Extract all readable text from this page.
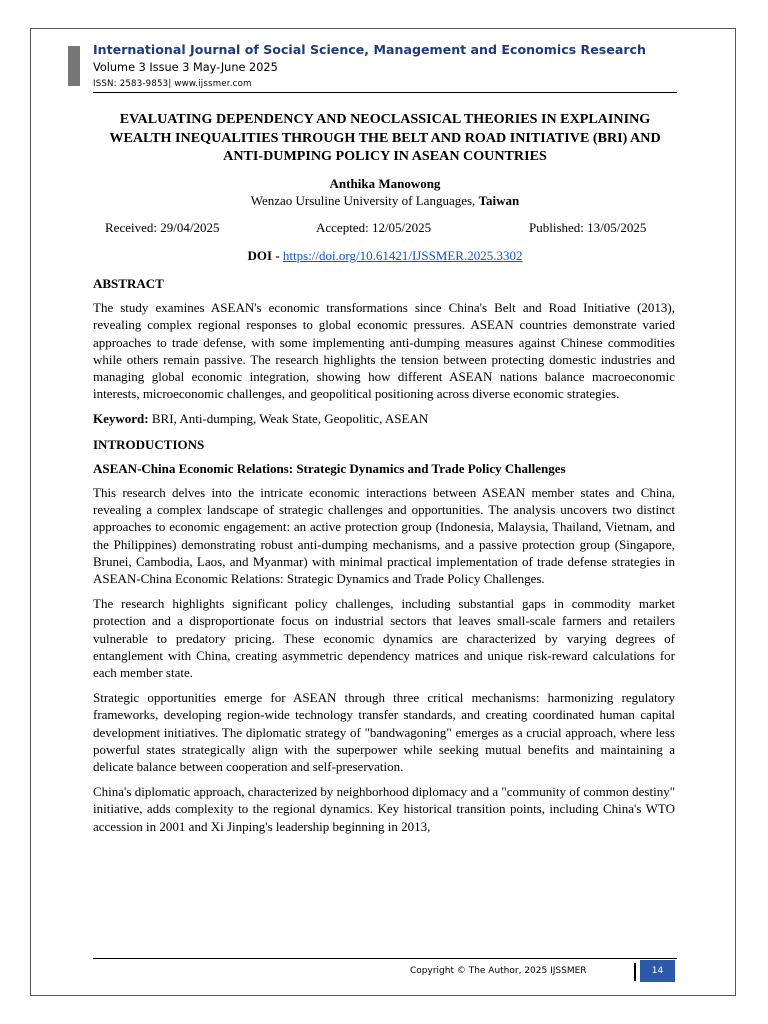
International Journal of Social Science, Management and Economics Research
Volume 3 Issue 3 May-June 2025
ISSN: 2583-9853| www.ijssmer.com
EVALUATING DEPENDENCY AND NEOCLASSICAL THEORIES IN EXPLAINING WEALTH INEQUALITIES THROUGH THE BELT AND ROAD INITIATIVE (BRI) AND ANTI-DUMPING POLICY IN ASEAN COUNTRIES
Anthika Manowong
Wenzao Ursuline University of Languages, Taiwan
Received: 29/04/2025	Accepted: 12/05/2025	Published: 13/05/2025
DOI - https://doi.org/10.61421/IJSSMER.2025.3302
ABSTRACT

The study examines ASEAN's economic transformations since China's Belt and Road Initiative (2013), revealing complex regional responses to global economic pressures. ASEAN countries demonstrate varied approaches to trade defense, with some implementing anti-dumping measures against Chinese commodities while others remain passive. The research highlights the tension between protecting domestic industries and managing global economic integration, showing how different ASEAN nations balance macroeconomic interests, microeconomic challenges, and geopolitical positioning across diverse economic strategies.

Keyword: BRI, Anti-dumping, Weak State, Geopolitic, ASEAN

INTRODUCTIONS
ASEAN-China Economic Relations: Strategic Dynamics and Trade Policy Challenges

This research delves into the intricate economic interactions between ASEAN member states and China, revealing a complex landscape of strategic challenges and opportunities. The analysis uncovers two distinct approaches to economic engagement: an active protection group (Indonesia, Malaysia, Thailand, Vietnam, and the Philippines) demonstrating robust anti-dumping mechanisms, and a passive protection group (Singapore, Brunei, Cambodia, Laos, and Myanmar) with minimal practical implementation of trade defense strategies in ASEAN-China Economic Relations: Strategic Dynamics and Trade Policy Challenges.

The research highlights significant policy challenges, including substantial gaps in commodity market protection and a disproportionate focus on industrial sectors that leaves small-scale farmers and retailers vulnerable to predatory pricing. These economic dynamics are characterized by varying degrees of entanglement with China, creating asymmetric dependency matrices and unique risk-reward calculations for each member state.

Strategic opportunities emerge for ASEAN through three critical mechanisms: harmonizing regulatory frameworks, developing region-wide technology transfer standards, and creating coordinated human capital development initiatives. The diplomatic strategy of "bandwagoning" emerges as a crucial approach, where less powerful states strategically align with the superpower while seeking mutual benefits and maintaining a delicate balance between cooperation and self-preservation.

China's diplomatic approach, characterized by neighborhood diplomacy and a "community of common destiny" initiative, adds complexity to the regional dynamics. Key historical transition points, including China's WTO accession in 2001 and Xi Jinping's leadership beginning in 2013,

Copyright © The Author, 2025 IJSSMER	14
